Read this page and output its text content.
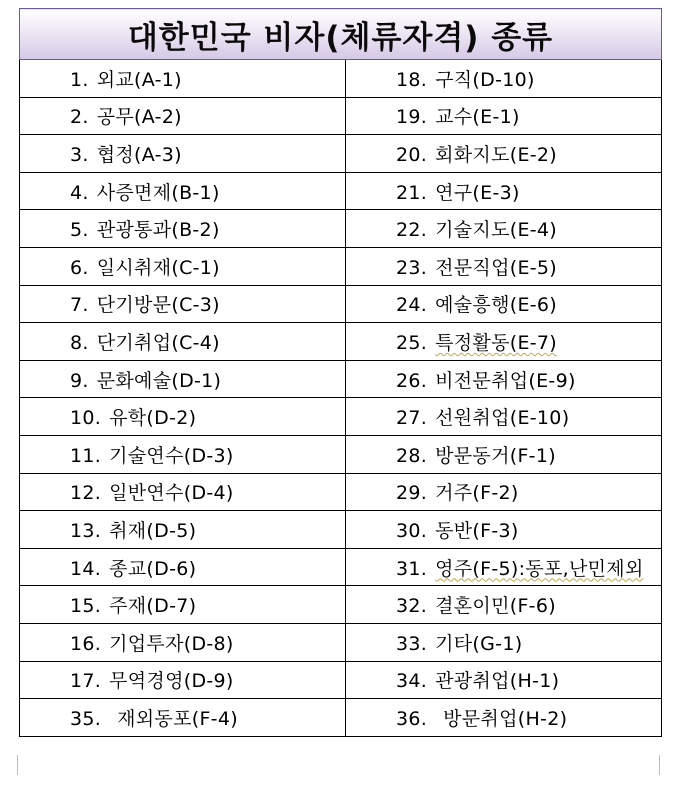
대한민국 비자(체류자격) 종류	
1. 외교(A-1)	18. 구직(D-10)
2. 공무(A-2)	19. 교수(E-1)
3. 협정(A-3)	20. 회화지도(E-2)
4. 사증면제(B-1)	21. 연구(E-3)
5. 관광통과(B-2)	22. 기술지도(E-4)
6. 일시취재(C-1)	23. 전문직업(E-5)
7. 단기방문(C-3)	24. 예술흥행(E-6)
8. 단기취업(C-4)	25. 특정활동(E-7)
9. 문화예술(D-1)	26. 비전문취업(E-9)
10. 유학(D-2)	27. 선원취업(E-10)
11. 기술연수(D-3)	28. 방문동거(F-1)
12. 일반연수(D-4)	29. 거주(F-2)
13. 취재(D-5)	30. 동반(F-3)
14. 종교(D-6)	31. 영주(F-5):동포,난민제외
15. 주재(D-7)	32. 결혼이민(F-6)
16. 기업투자(D-8)	33. 기타(G-1)
17. 무역경영(D-9)	34. 관광취업(H-1)
35. 재외동포(F-4)	36. 방문취업(H-2)
